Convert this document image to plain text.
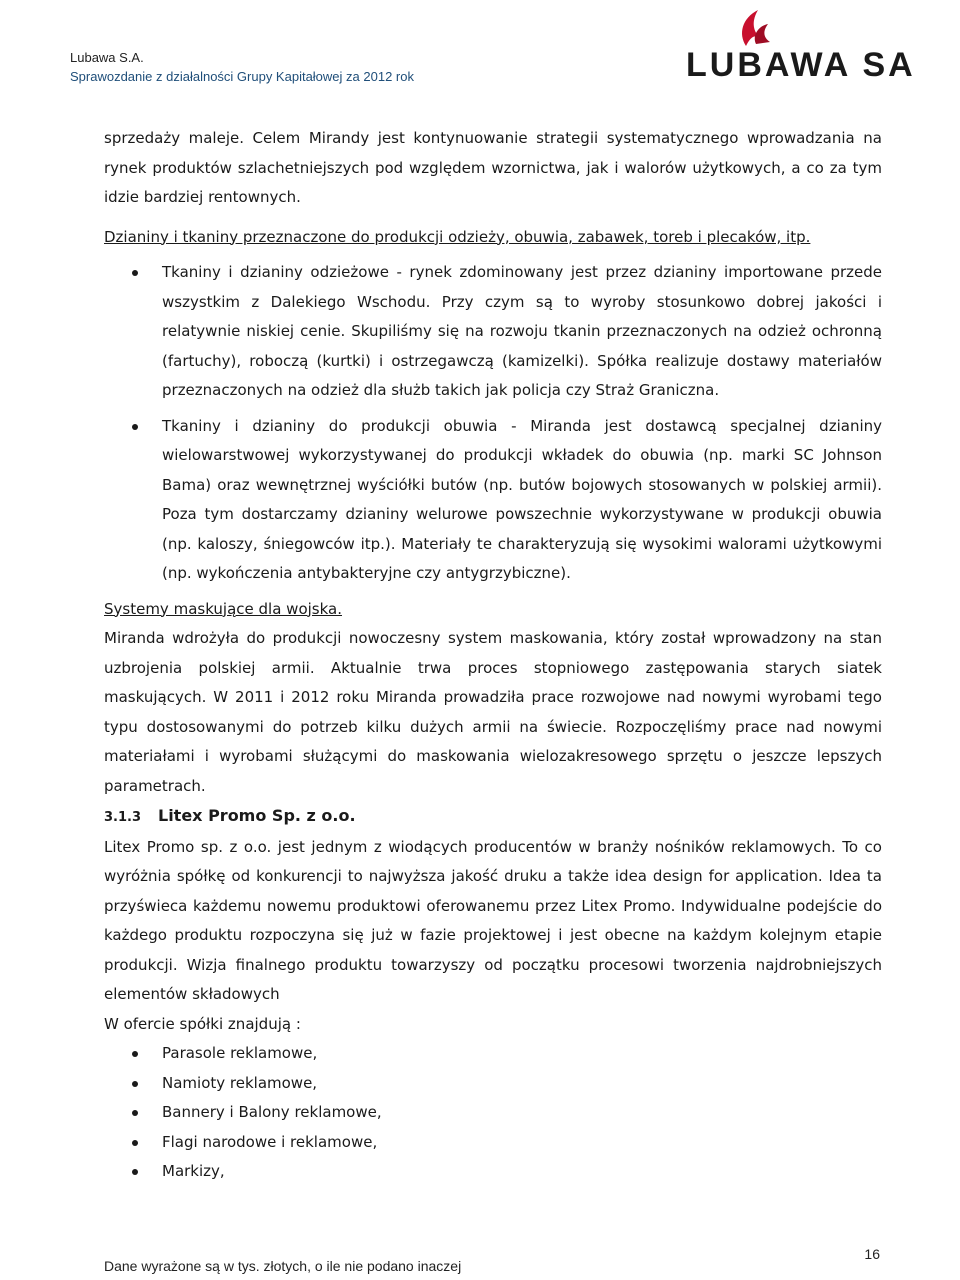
Lubawa S.A.
Sprawozdanie z działalności Grupy Kapitałowej za 2012 rok	LUBAWA SA

sprzedaży maleje. Celem Mirandy jest kontynuowanie strategii systematycznego wprowadzania na rynek produktów szlachetniejszych pod względem wzornictwa, jak i walorów użytkowych, a co za tym idzie bardziej rentownych.

Dzianiny i tkaniny przeznaczone do produkcji odzieży, obuwia, zabawek, toreb i plecaków, itp.

Tkaniny i dzianiny odzieżowe - rynek zdominowany jest przez dzianiny importowane przede wszystkim z Dalekiego Wschodu. Przy czym są to wyroby stosunkowo dobrej jakości i relatywnie niskiej cenie. Skupiliśmy się na rozwoju tkanin przeznaczonych na odzież ochronną (fartuchy), roboczą (kurtki) i ostrzegawczą (kamizelki). Spółka realizuje dostawy materiałów przeznaczonych na odzież dla służb takich jak policja czy Straż Graniczna.
Tkaniny i dzianiny do produkcji obuwia - Miranda jest dostawcą specjalnej dzianiny wielowarstwowej wykorzystywanej do produkcji wkładek do obuwia (np. marki SC Johnson Bama) oraz wewnętrznej wyściółki butów (np. butów bojowych stosowanych w polskiej armii). Poza tym dostarczamy dzianiny welurowe powszechnie wykorzystywane w produkcji obuwia (np. kaloszy, śniegowców itp.). Materiały te charakteryzują się wysokimi walorami użytkowymi (np. wykończenia antybakteryjne czy antygrzybiczne).

Systemy maskujące dla wojska.

Miranda wdrożyła do produkcji nowoczesny system maskowania, który został wprowadzony na stan uzbrojenia polskiej armii. Aktualnie trwa proces stopniowego zastępowania starych siatek maskujących. W 2011 i 2012 roku Miranda prowadziła prace rozwojowe nad nowymi wyrobami tego typu dostosowanymi do potrzeb kilku dużych armii na świecie. Rozpoczęliśmy prace nad nowymi materiałami i wyrobami służącymi do maskowania wielozakresowego sprzętu o jeszcze lepszych parametrach.

3.1.3 Litex Promo Sp. z o.o.

Litex Promo sp. z o.o. jest jednym z wiodących producentów w branży nośników reklamowych. To co wyróżnia spółkę od konkurencji to najwyższa jakość druku a także idea design for application. Idea ta przyświeca każdemu nowemu produktowi oferowanemu przez Litex Promo. Indywidualne podejście do każdego produktu rozpoczyna się już w fazie projektowej i jest obecne na każdym kolejnym etapie produkcji. Wizja finalnego produktu towarzyszy od początku procesowi tworzenia najdrobniejszych elementów składowych

W ofercie spółki znajdują :

Parasole reklamowe,
Namioty reklamowe,
Bannery i Balony reklamowe,
Flagi narodowe i reklamowe,
Markizy,
Dane wyrażone są w tys. złotych, o ile nie podano inaczej
16
